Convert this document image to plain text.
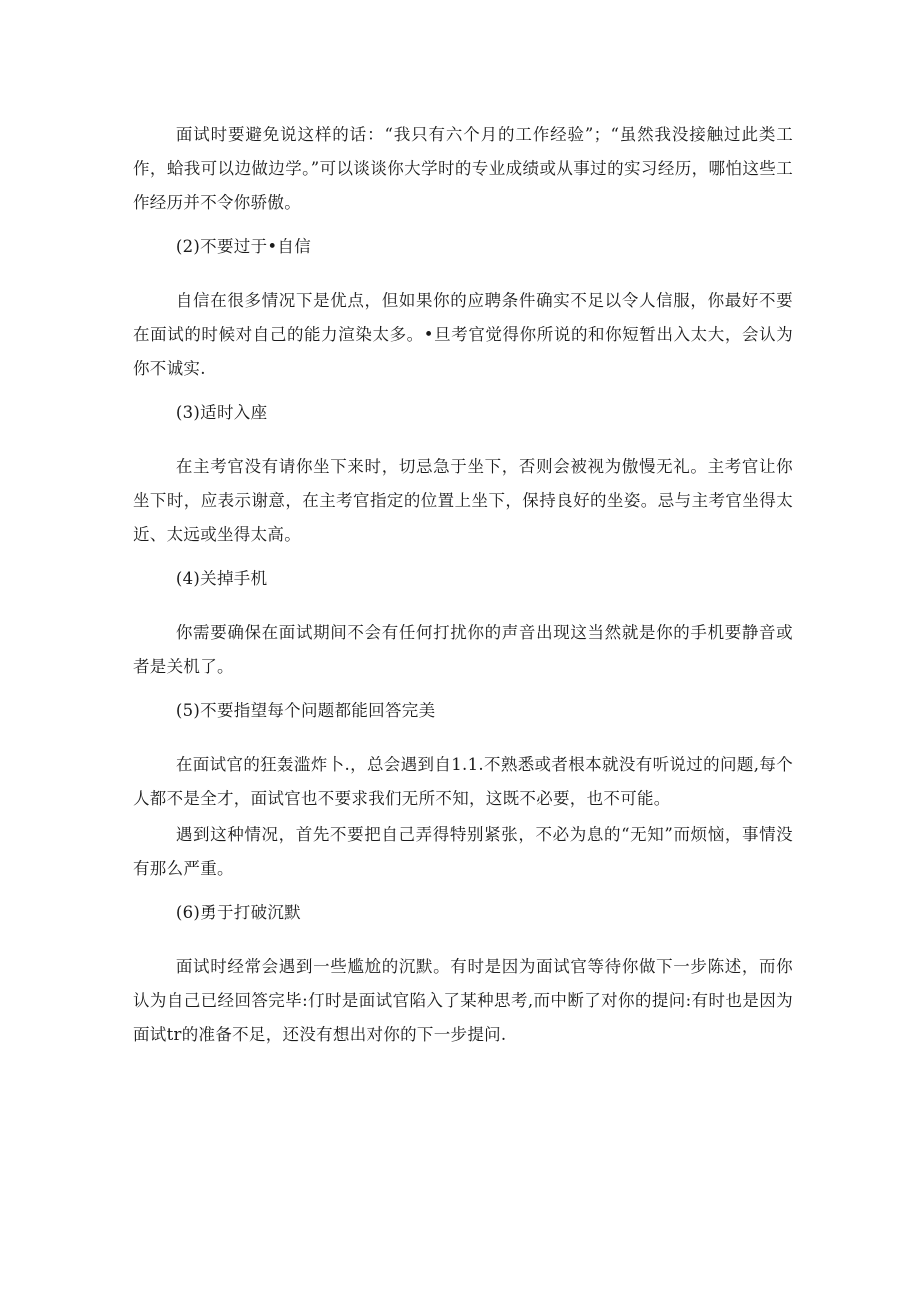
面试时要避免说这样的话：“我只有六个月的工作经验”；“虽然我没接触过此类工作，蛤我可以边做边学。”可以谈谈你大学时的专业成绩或从事过的实习经历，哪怕这些工作经历并不令你骄傲。

(2)不要过于•自信

自信在很多情况下是优点，但如果你的应聘条件确实不足以令人信服，你最好不要在面试的时候对自己的能力渲染太多。•旦考官觉得你所说的和你短暂出入太大，会认为你不诚实.

(3)适时入座

在主考官没有请你坐下来时，切忌急于坐下，否则会被视为傲慢无礼。主考官让你坐下时，应表示谢意，在主考官指定的位置上坐下，保持良好的坐姿。忌与主考官坐得太近、太远或坐得太高。

(4)关掉手机

你需要确保在面试期间不会有任何打扰你的声音出现这当然就是你的手机要静音或者是关机了。

(5)不要指望每个问题都能回答完美

在面试官的狂轰滥炸卜.，总会遇到自1.1.不熟悉或者根本就没有听说过的问题,每个人都不是全才，面试官也不要求我们无所不知，这既不必要，也不可能。

遇到这种情况，首先不要把自己弄得特别紧张，不必为息的“无知”而烦恼，事情没有那么严重。

(6)勇于打破沉默

面试时经常会遇到一些尴尬的沉默。有时是因为面试官等待你做下一步陈述，而你认为自己已经回答完毕:仃时是面试官陷入了某种思考,而中断了对你的提问:有时也是因为面试tr的准备不足，还没有想出对你的下一步提问.
